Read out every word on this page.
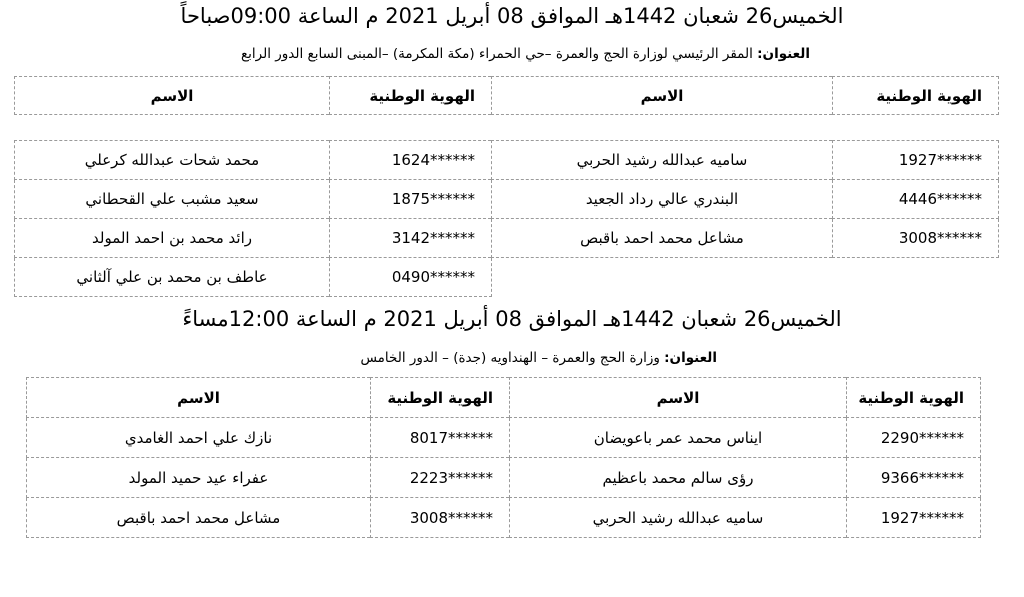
الخميس26 شعبان 1442هـ الموافق 08 أبريل 2021 م الساعة 09:00صباحاً
العنوان: المقر الرئيسي لوزارة الحج والعمرة –حي الحمراء (مكة المكرمة) –المبنى السابع الدور الرابع
الهوية الوطنية	الاسم	الهوية الوطنية	الاسم
1927******	ساميه عبدالله رشيد الحربي	1624******	محمد شحات عبدالله كرعلي
4446******	البندري عالي رداد الجعيد	1875******	سعيد مشبب علي القحطاني
3008******	مشاعل محمد احمد باقبص	3142******	رائد محمد بن احمد المولد
		0490******	عاطف بن محمد بن علي آلثاني
الخميس26 شعبان 1442هـ الموافق 08 أبريل 2021 م الساعة 12:00مساءً
العنوان: وزارة الحج والعمرة – الهنداويه (جدة) – الدور الخامس
الهوية الوطنية	الاسم	الهوية الوطنية	الاسم
2290******	ايناس محمد عمر باعويضان	8017******	نازك علي احمد الغامدي
9366******	رؤى سالم محمد باعظيم	2223******	عفراء عيد حميد المولد
1927******	ساميه عبدالله رشيد الحربي	3008******	مشاعل محمد احمد باقبص
